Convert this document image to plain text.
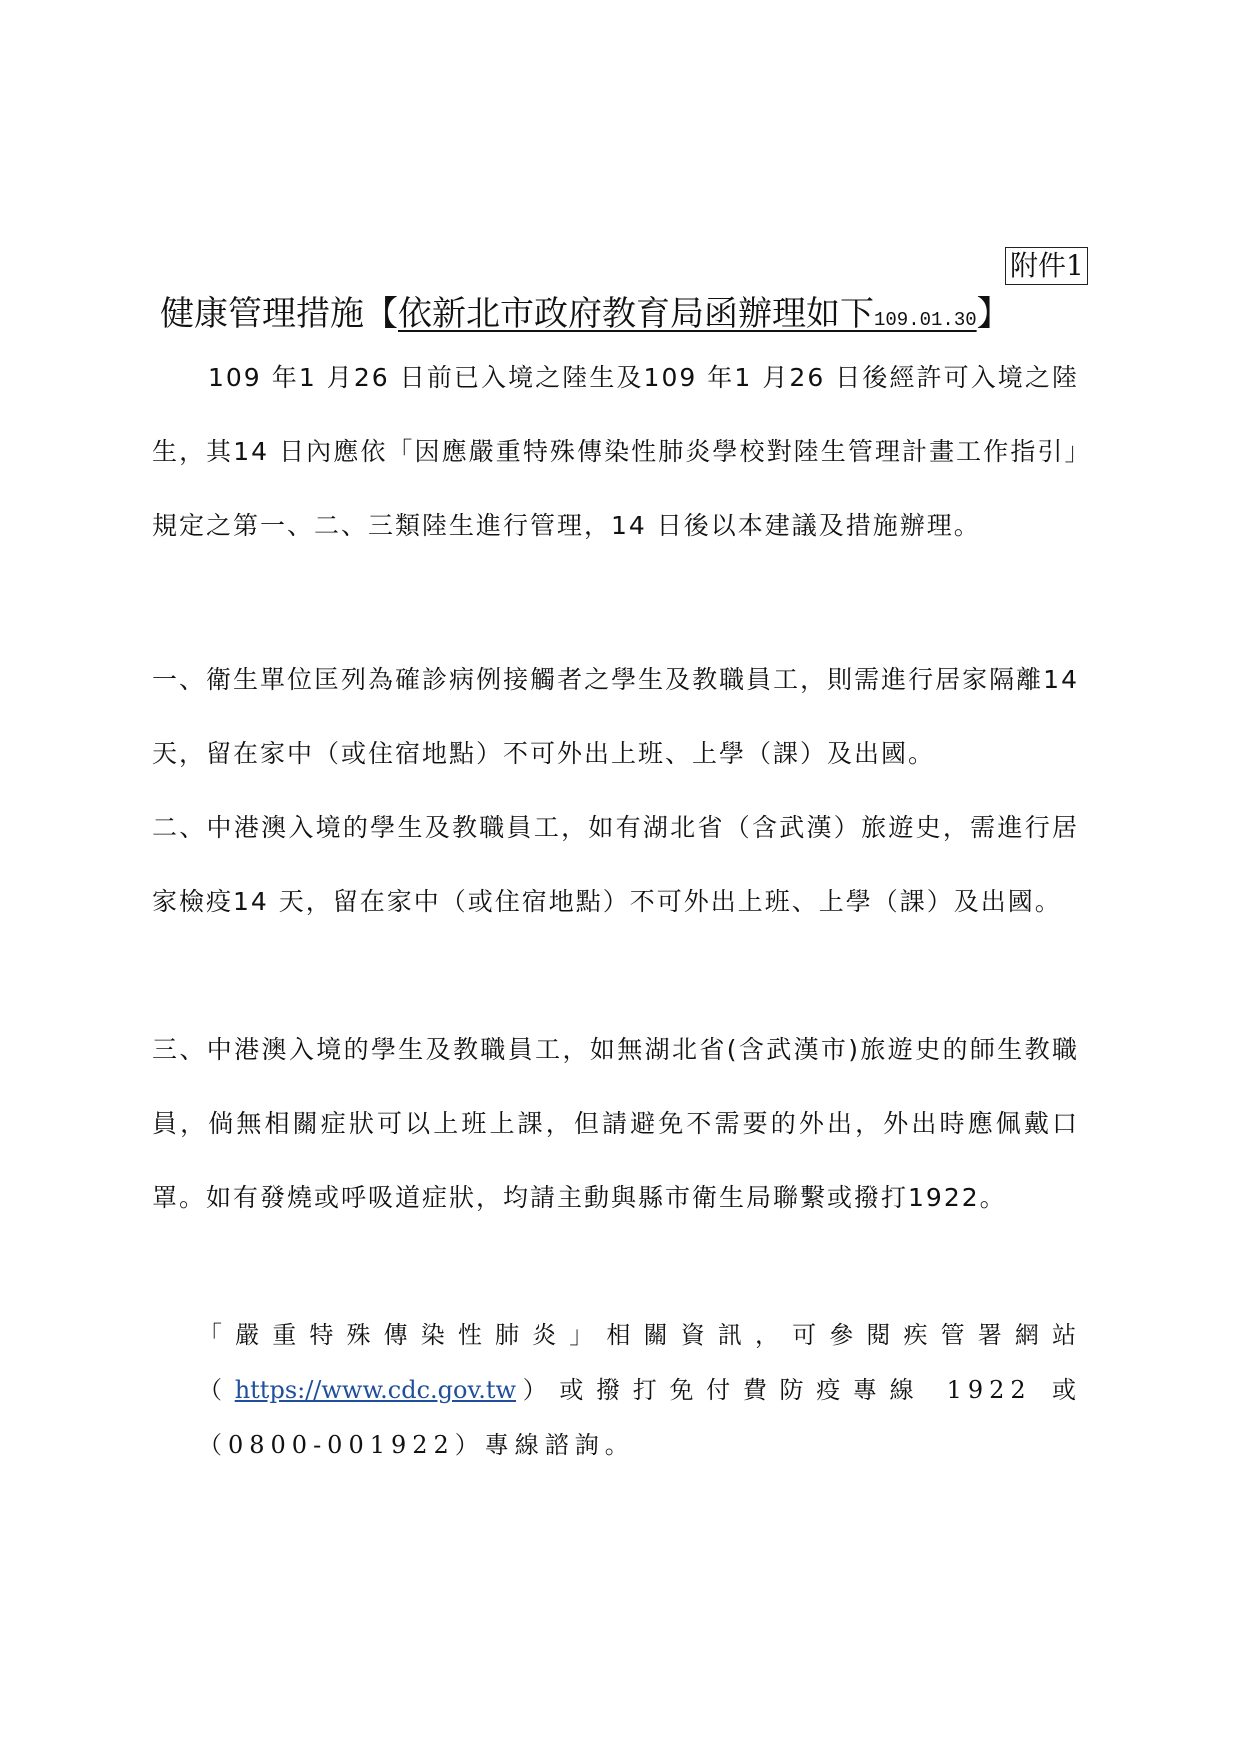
附件1
健康管理措施【依新北市政府教育局函辦理如下109.01.30】

109 年1 月26 日前已入境之陸生及109 年1 月26 日後經許可入境之陸生，其14 日內應依「因應嚴重特殊傳染性肺炎學校對陸生管理計畫工作指引」規定之第一、二、三類陸生進行管理，14 日後以本建議及措施辦理。

一、衛生單位匡列為確診病例接觸者之學生及教職員工，則需進行居家隔離14 天，留在家中（或住宿地點）不可外出上班、上學（課）及出國。

二、中港澳入境的學生及教職員工，如有湖北省（含武漢）旅遊史，需進行居家檢疫14 天，留在家中（或住宿地點）不可外出上班、上學（課）及出國。

三、中港澳入境的學生及教職員工，如無湖北省(含武漢市)旅遊史的師生教職員，倘無相關症狀可以上班上課，但請避免不需要的外出，外出時應佩戴口罩。如有發燒或呼吸道症狀，均請主動與縣市衛生局聯繫或撥打1922。

「嚴重特殊傳染性肺炎」相關資訊，可參閱疾管署網站（https://www.cdc.gov.tw）或撥打免付費防疫專線 1922 或（0800-001922）專線諮詢。
